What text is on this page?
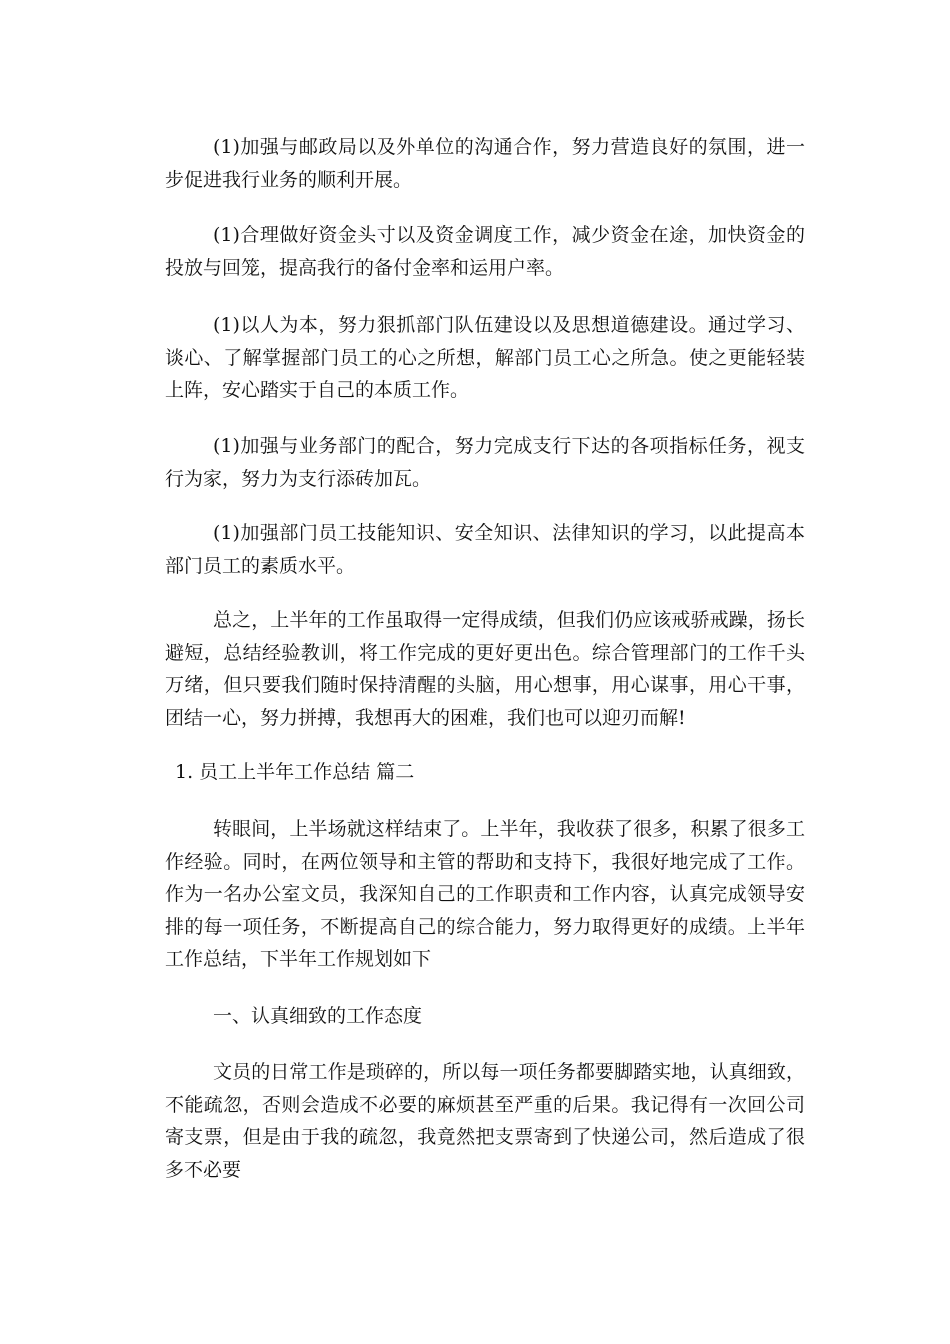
(1)加强与邮政局以及外单位的沟通合作，努力营造良好的氛围，进一步促进我行业务的顺利开展。

(1)合理做好资金头寸以及资金调度工作，减少资金在途，加快资金的投放与回笼，提高我行的备付金率和运用户率。

(1)以人为本，努力狠抓部门队伍建设以及思想道德建设。通过学习、谈心、了解掌握部门员工的心之所想，解部门员工心之所急。使之更能轻装上阵，安心踏实于自己的本质工作。

(1)加强与业务部门的配合，努力完成支行下达的各项指标任务，视支行为家，努力为支行添砖加瓦。

(1)加强部门员工技能知识、安全知识、法律知识的学习，以此提高本部门员工的素质水平。

总之，上半年的工作虽取得一定得成绩，但我们仍应该戒骄戒躁，扬长避短，总结经验教训，将工作完成的更好更出色。综合管理部门的工作千头万绪，但只要我们随时保持清醒的头脑，用心想事，用心谋事，用心干事，团结一心，努力拼搏，我想再大的困难，我们也可以迎刃而解!

1. 员工上半年工作总结 篇二

转眼间，上半场就这样结束了。上半年，我收获了很多，积累了很多工作经验。同时，在两位领导和主管的帮助和支持下，我很好地完成了工作。作为一名办公室文员，我深知自己的工作职责和工作内容，认真完成领导安排的每一项任务，不断提高自己的综合能力，努力取得更好的成绩。上半年工作总结，下半年工作规划如下

一、认真细致的工作态度

文员的日常工作是琐碎的，所以每一项任务都要脚踏实地，认真细致，不能疏忽，否则会造成不必要的麻烦甚至严重的后果。我记得有一次回公司寄支票，但是由于我的疏忽，我竟然把支票寄到了快递公司，然后造成了很多不必要
